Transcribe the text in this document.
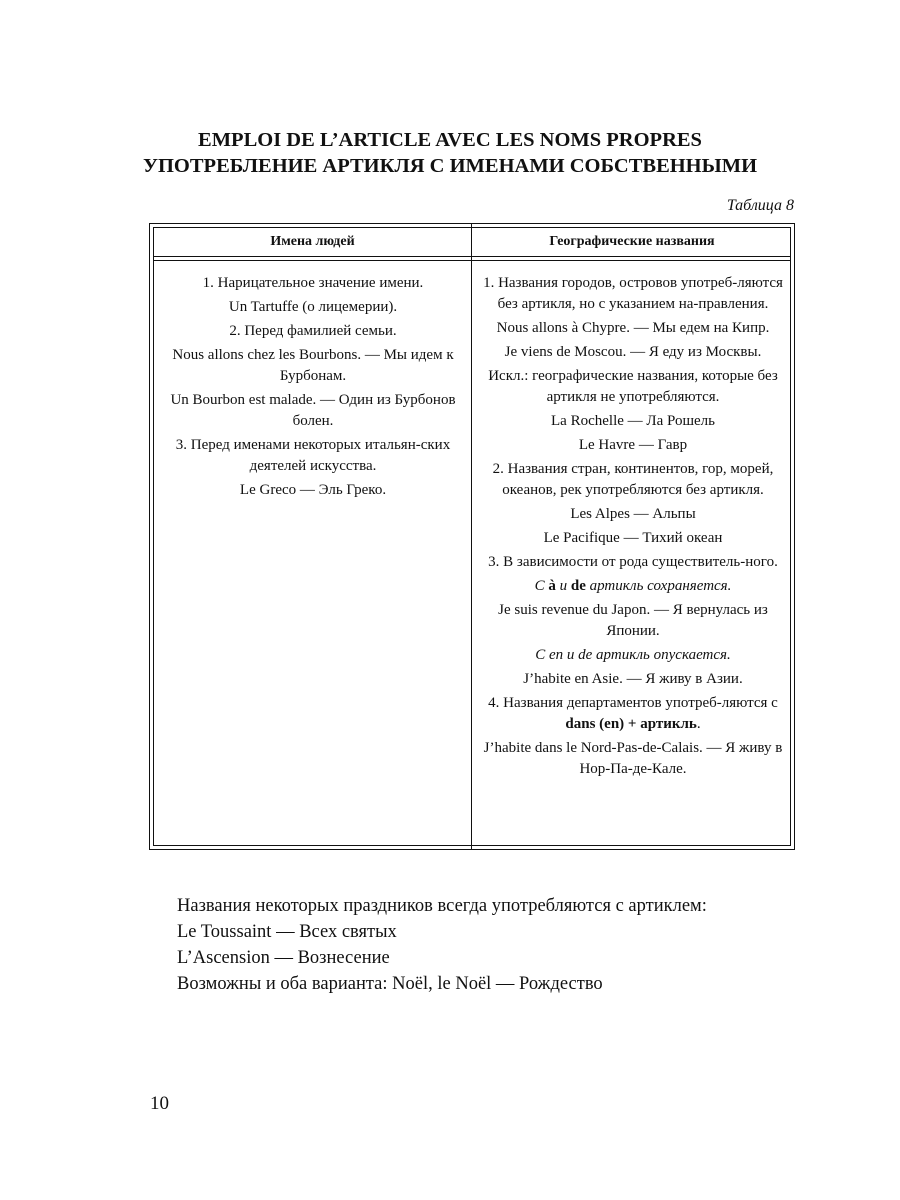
EMPLOI DE L’ARTICLE AVEC LES NOMS PROPRES
УПОТРЕБЛЕНИЕ АРТИКЛЯ С ИМЕНАМИ СОБСТВЕННЫМИ
Таблица 8
Имена людей	Географические названия

1. Нарицательное значение имени.

Un Tartuffe (о лицемерии).

2. Перед фамилией семьи.

Nous allons chez les Bourbons. — Мы идем к Бурбонам.

Un Bourbon est malade. — Один из Бурбонов болен.

3. Перед именами некоторых итальян-ских деятелей искусства.

Le Greco — Эль Греко.

1. Названия городов, островов употреб-ляются без артикля, но с указанием на-правления.

Nous allons à Chypre. — Мы едем на Кипр.

Je viens de Moscou. — Я еду из Москвы.

Искл.: географические названия, которые без артикля не употребляются.

La Rochelle — Ла Рошель

Le Havre — Гавр

2. Названия стран, континентов, гор, морей, океанов, рек употребляются без артикля.

Les Alpes — Альпы

Le Pacifique — Тихий океан

3. В зависимости от рода существитель-ного.

С à и de артикль сохраняется.

Je suis revenue du Japon. — Я вернулась из Японии.

С en и de артикль опускается.

J’habite en Asie. — Я живу в Азии.

4. Названия департаментов употреб-ляются с dans (en) + артикль.

J’habite dans le Nord-Pas-de-Calais. — Я живу в Нор-Па-де-Кале.

Названия некоторых праздников всегда употребляются с артиклем:
Le Toussaint — Всех святых
L’Ascension — Вознесение
Возможны и оба варианта: Noël, le Noël — Рождество
10
